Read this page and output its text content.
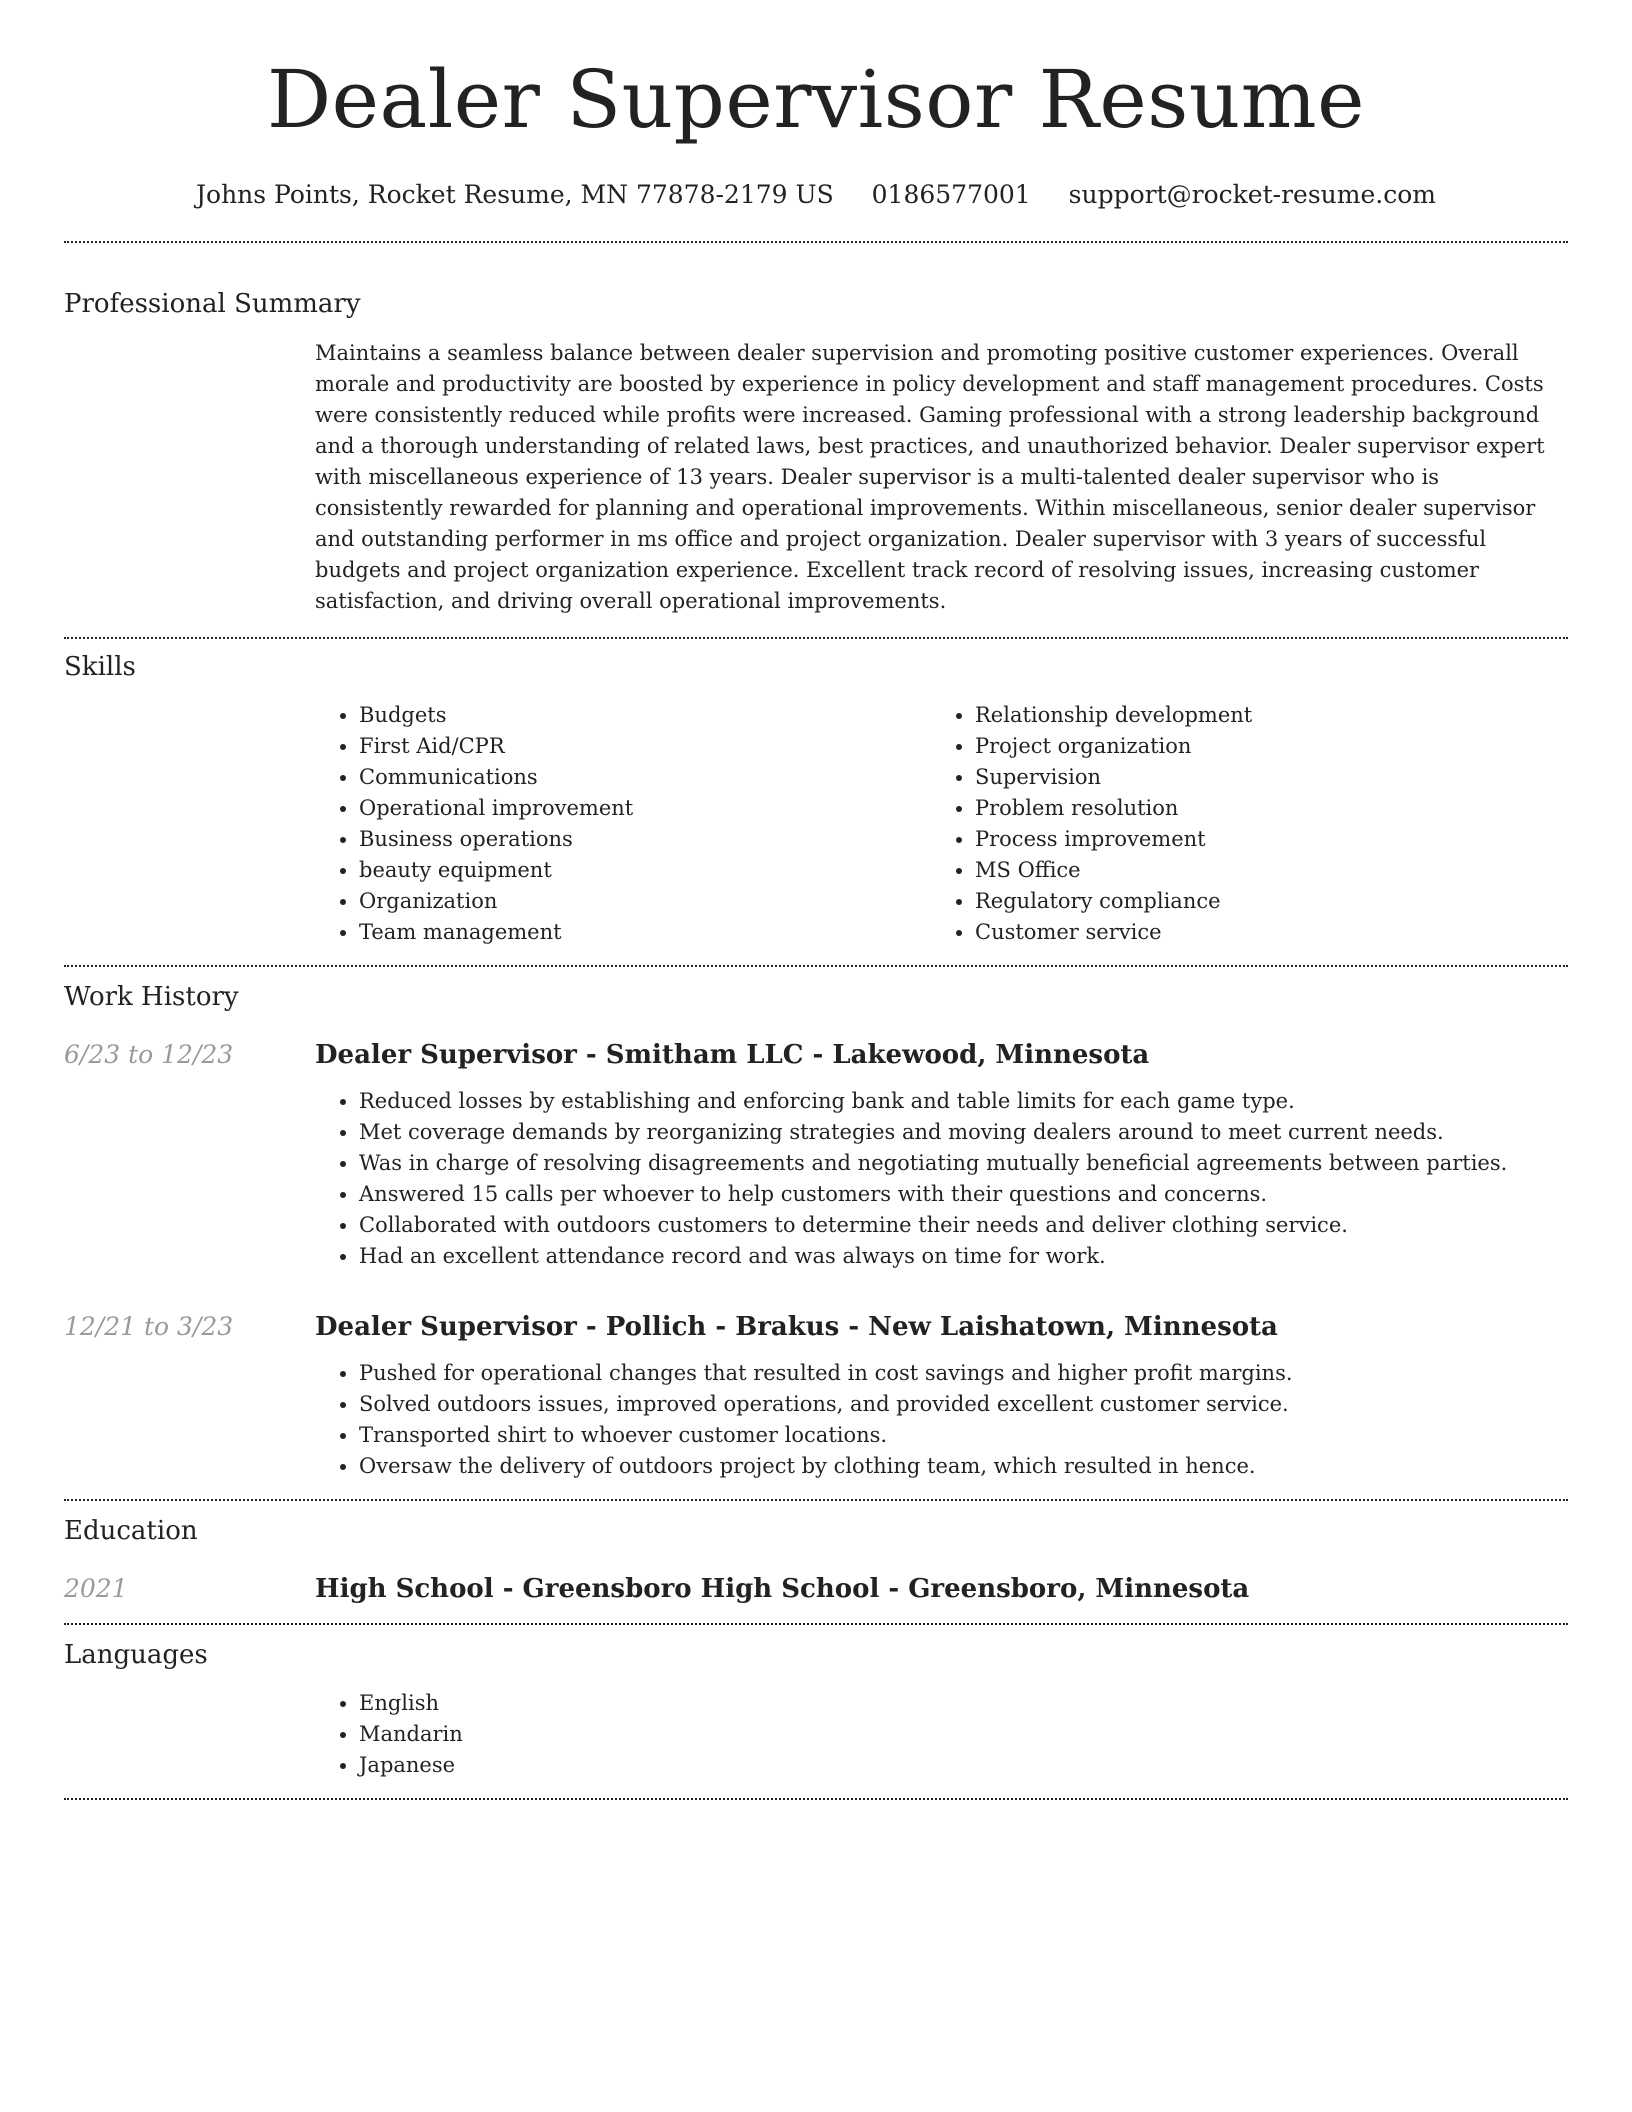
Dealer Supervisor Resume
Johns Points, Rocket Resume, MN 77878-2179 US 0186577001 support@rocket-resume.com
Professional Summary
Maintains a seamless balance between dealer supervision and promoting positive customer experiences. Overall morale and productivity are boosted by experience in policy development and staff management procedures. Costs were consistently reduced while profits were increased. Gaming professional with a strong leadership background and a thorough understanding of related laws, best practices, and unauthorized behavior. Dealer supervisor expert with miscellaneous experience of 13 years. Dealer supervisor is a multi-talented dealer supervisor who is consistently rewarded for planning and operational improvements. Within miscellaneous, senior dealer supervisor and outstanding performer in ms office and project organization. Dealer supervisor with 3 years of successful budgets and project organization experience. Excellent track record of resolving issues, increasing customer satisfaction, and driving overall operational improvements.
Skills
• Budgets
• First Aid/CPR
• Communications
• Operational improvement
• Business operations
• beauty equipment
• Organization
• Team management
• Relationship development
• Project organization
• Supervision
• Problem resolution
• Process improvement
• MS Office
• Regulatory compliance
• Customer service
Work History
6/23 to 12/23	Dealer Supervisor - Smitham LLC - Lakewood, Minnesota
• Reduced losses by establishing and enforcing bank and table limits for each game type.
• Met coverage demands by reorganizing strategies and moving dealers around to meet current needs.
• Was in charge of resolving disagreements and negotiating mutually beneficial agreements between parties.
• Answered 15 calls per whoever to help customers with their questions and concerns.
• Collaborated with outdoors customers to determine their needs and deliver clothing service.
• Had an excellent attendance record and was always on time for work.
12/21 to 3/23	Dealer Supervisor - Pollich - Brakus - New Laishatown, Minnesota
• Pushed for operational changes that resulted in cost savings and higher profit margins.
• Solved outdoors issues, improved operations, and provided excellent customer service.
• Transported shirt to whoever customer locations.
• Oversaw the delivery of outdoors project by clothing team, which resulted in hence.
Education
2021	High School - Greensboro High School - Greensboro, Minnesota
Languages
• English
• Mandarin
• Japanese
